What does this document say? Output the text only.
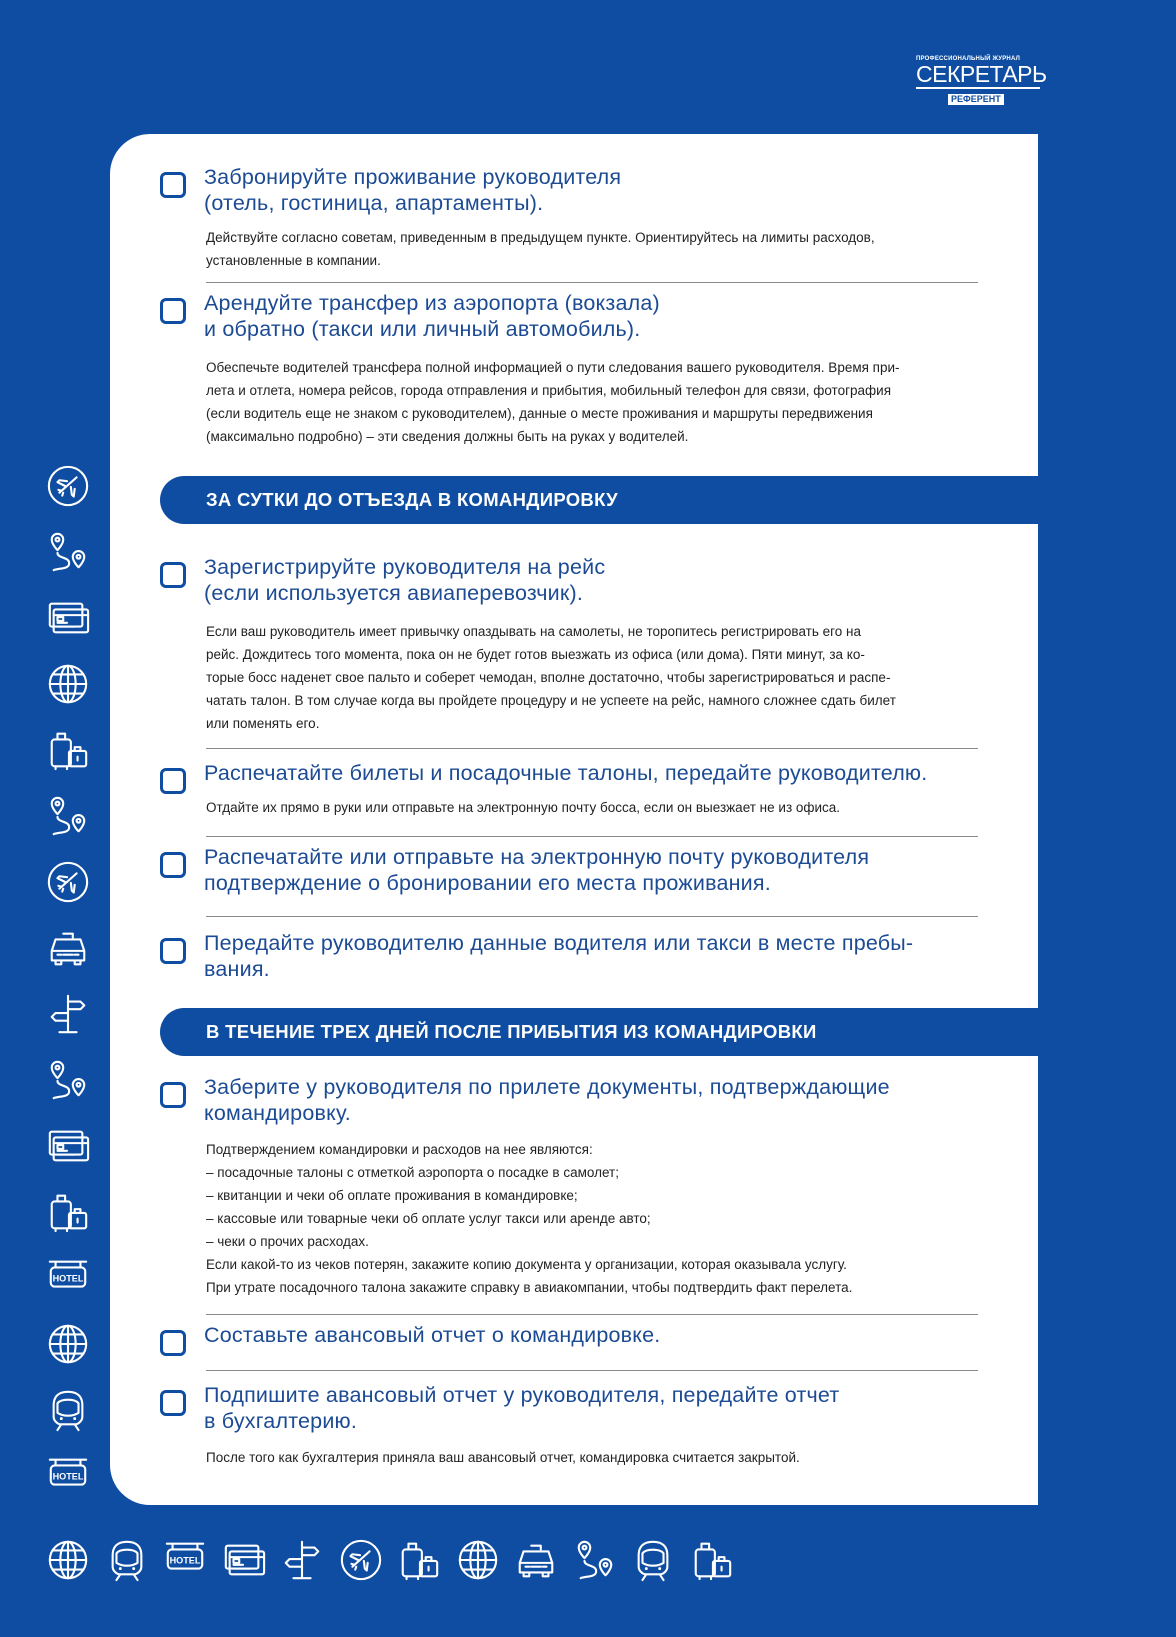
ПРОФЕССИОНАЛЬНЫЙ ЖУРНАЛ
СЕКРЕТАРЬ
РЕФЕРЕНТ
Забронируйте проживание руководителя
(отель, гостиница, апартаменты).
Действуйте согласно советам, приведенным в предыдущем пункте. Ориентируйтесь на лимиты расходов,
установленные в компании.
Арендуйте трансфер из аэропорта (вокзала)
и обратно (такси или личный автомобиль).
Обеспечьте водителей трансфера полной информацией о пути следования вашего руководителя. Время при-
лета и отлета, номера рейсов, города отправления и прибытия, мобильный телефон для связи, фотография
(если водитель еще не знаком с руководителем), данные о месте проживания и маршруты передвижения
(максимально подробно) – эти сведения должны быть на руках у водителей.
ЗА СУТКИ ДО ОТЪЕЗДА В КОМАНДИРОВКУ
Зарегистрируйте руководителя на рейс
(если используется авиаперевозчик).
Если ваш руководитель имеет привычку опаздывать на самолеты, не торопитесь регистрировать его на
рейс. Дождитесь того момента, пока он не будет готов выезжать из офиса (или дома). Пяти минут, за ко-
торые босс наденет свое пальто и соберет чемодан, вполне достаточно, чтобы зарегистрироваться и распе-
чатать талон. В том случае когда вы пройдете процедуру и не успеете на рейс, намного сложнее сдать билет
или поменять его.
Распечатайте билеты и посадочные талоны, передайте руководителю.
Отдайте их прямо в руки или отправьте на электронную почту босса, если он выезжает не из офиса.
Распечатайте или отправьте на электронную почту руководителя
подтверждение о бронировании его места проживания.
Передайте руководителю данные водителя или такси в месте пребы-
вания.
В ТЕЧЕНИЕ ТРЕХ ДНЕЙ ПОСЛЕ ПРИБЫТИЯ ИЗ КОМАНДИРОВКИ
Заберите у руководителя по прилете документы, подтверждающие
командировку.
Подтверждением командировки и расходов на нее являются:
– посадочные талоны с отметкой аэропорта о посадке в самолет;
– квитанции и чеки об оплате проживания в командировке;
– кассовые или товарные чеки об оплате услуг такси или аренде авто;
– чеки о прочих расходах.
Если какой-то из чеков потерян, закажите копию документа у организации, которая оказывала услугу.
При утрате посадочного талона закажите справку в авиакомпании, чтобы подтвердить факт перелета.
Составьте авансовый отчет о командировке.
Подпишите авансовый отчет у руководителя, передайте отчет
в бухгалтерию.
После того как бухгалтерия приняла ваш авансовый отчет, командировка считается закрытой.
HOTEL
HOTEL
HOTEL
